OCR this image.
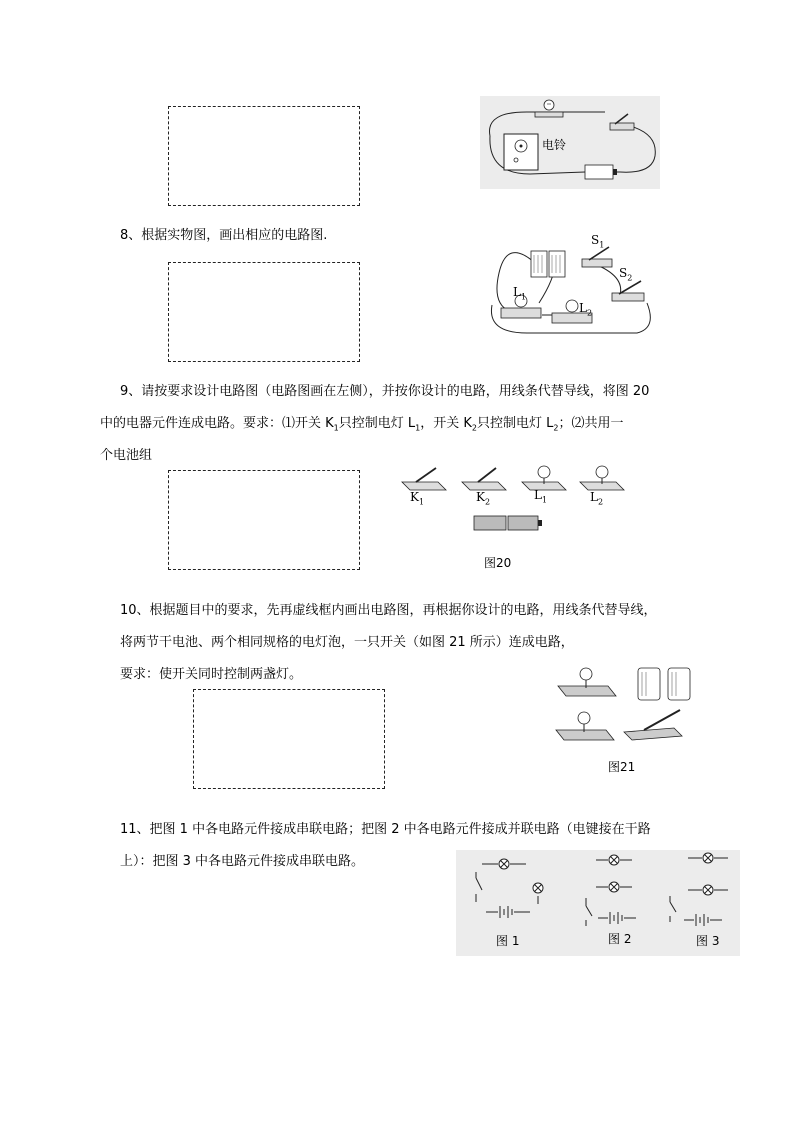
电铃
8、根据实物图，画出相应的电路图.	$S_1$
$S_2$
$L_1$
$L_2$
9、请按要求设计电路图（电路图画在左侧），并按你设计的电路，用线条代替导线，将图 20
中的电器元件连成电路。要求：⑴开关 $K_1$只控制电灯 $L_1$，开关 $K_2$只控制电灯 $L_2$；⑵共用一
个电池组
$K_1$	$K_2$	$L_1$	$L_2$
图20
10、根据题目中的要求，先再虚线框内画出电路图，再根据你设计的电路，用线条代替导线，
将两节干电池、两个相同规格的电灯泡，一只开关（如图 21 所示）连成电路，
要求：使开关同时控制两盏灯。
图21
11、把图 1 中各电路元件接成串联电路；把图 2 中各电路元件接成并联电路（电键接在干路
上）：把图 3 中各电路元件接成串联电路。
图 1	图 2	图 3
